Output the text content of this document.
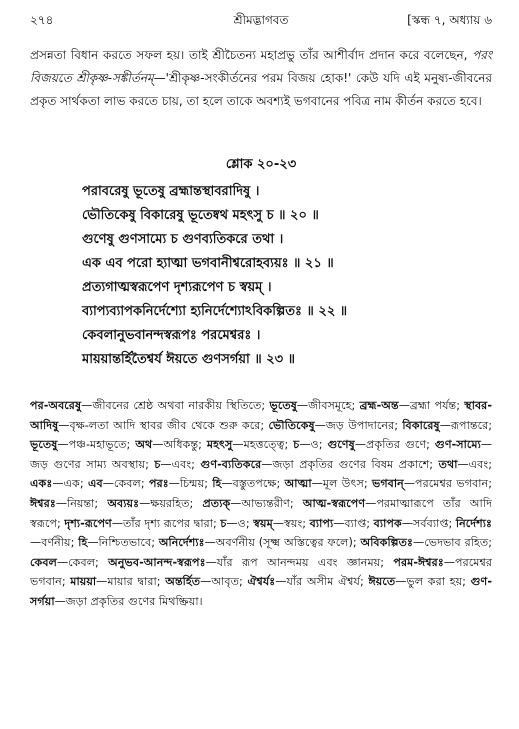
২৭৪	শ্রীমদ্ভাগবত	[স্কন্ধ ৭, অধ্যায় ৬
প্রসন্নতা বিধান করতে সফল হয়। তাই শ্রীচৈতন্য মহাপ্রভু তাঁর আশীর্বাদ প্রদান করে বলেছেন, পরং বিজয়তে শ্রীকৃষ্ণ-সঙ্কীর্তনম্—'শ্রীকৃষ্ণ-সংকীর্তনের পরম বিজয় হোক!' কেউ যদি এই মনুষ্য-জীবনের প্রকৃত সার্থকতা লাভ করতে চায়, তা হলে তাকে অবশ্যই ভগবানের পবিত্র নাম কীর্তন করতে হবে।
শ্লোক ২০-২৩
পরাবরেষু ভূতেষু ব্রহ্মান্তস্থাবরাদিষু ।
ভৌতিকেষু বিকারেষু ভূতেষ্বথ মহৎসু চ ॥ ২০ ॥
গুণেষু গুণসাম্যে চ গুণব্যতিকরে তথা ।
এক এব পরো হ্যাত্মা ভগবানীশ্বরোহব্যয়ঃ ॥ ২১ ॥
প্রত্যগাত্মস্বরূপেণ দৃশ্যরূপেণ চ স্বয়ম্ ।
ব্যাপ্যব্যাপকনির্দেশ্যো হ্যনির্দেশ্যোঽবিকল্পিতঃ ॥ ২২ ॥
কেবলানুভবানন্দস্বরূপঃ পরমেশ্বরঃ ।
মায়য়ান্তর্হিতৈশ্বর্য ঈয়তে গুণসর্গয়া ॥ ২৩ ॥
পর-অবরেষু—জীবনের শ্রেষ্ঠ অথবা নারকীয় স্থিতিতে; ভূতেষু—জীবসমূহে; ব্রহ্ম-অন্ত—ব্রহ্মা পর্যন্ত; স্থাবর-আদিষু—বৃক্ষ-লতা আদি স্থাবর জীব থেকে শুরু করে; ভৌতিকেষু—জড় উপাদানের; বিকারেষু—রূপান্তরে; ভূতেষু—পঞ্চ-মহাভূতে; অথ—অধিকন্তু; মহৎসু—মহত্তত্ত্বে; চ—ও; গুণেষু—প্রকৃতির গুণে; গুণ-সাম্যে—জড় গুণের সাম্য অবস্থায়; চ—এবং; গুণ-ব্যতিকরে—জড়া প্রকৃতির গুণের বিষম প্রকাশে; তথা—এবং; একঃ—এক; এব—কেবল; পরঃ—চিন্ময়; হি—বস্তুতপক্ষে; আত্মা—মূল উৎস; ভগবান্—পরমেশ্বর ভগবান; ঈশ্বরঃ—নিয়ন্তা; অব্যয়ঃ—ক্ষয়রহিত; প্রত্যক্—আভ্যন্তরীণ; আত্ম-স্বরূপেণ—পরমাত্মারূপে তাঁর আদি স্বরূপে; দৃশ্য-রূপেণ—তাঁর দৃশ্য রূপের দ্বারা; চ—ও; স্বয়ম্—স্বয়ং; ব্যাপ্য—ব্যাপ্ত; ব্যাপক—সর্বব্যাপ্ত; নির্দেশ্যঃ—বর্ণনীয়; হি—নিশ্চিতভাবে; অনির্দেশ্যঃ—অবর্ণনীয় (সূক্ষ্ম অস্তিত্বের ফলে); অবিকল্পিতঃ—ভেদভাব রহিত; কেবল—কেবল; অনুভব-আনন্দ-স্বরূপঃ—যাঁর রূপ আনন্দময় এবং জ্ঞানময়; পরম-ঈশ্বরঃ—পরমেশ্বর ভগবান; মায়য়া—মায়ার দ্বারা; অন্তর্হিত—আবৃত; ঐশ্বর্যঃ—যাঁর অসীম ঐশ্বর্য; ঈয়তে—ভুল করা হয়; গুণ-সর্গয়া—জড়া প্রকৃতির গুণের মিথষ্ক্রিয়া।
